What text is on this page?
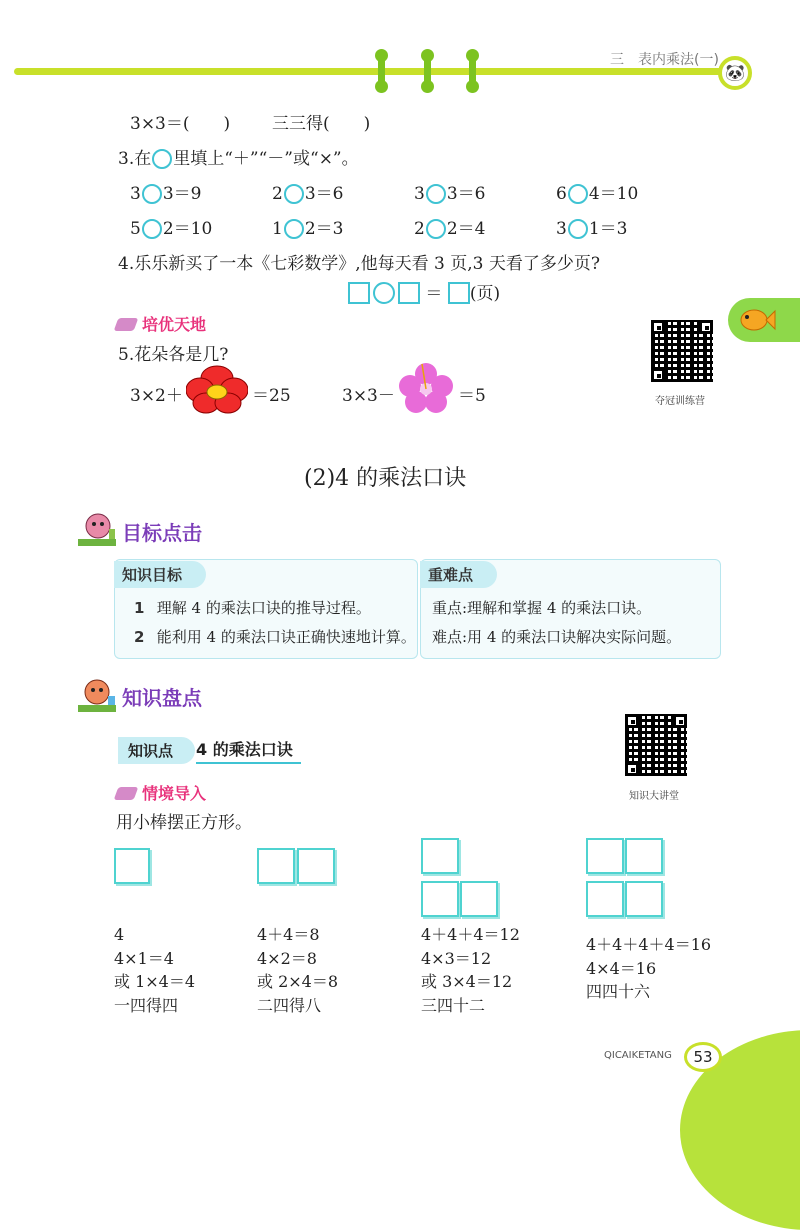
三　表内乘法(一)
🐼
3×3＝(　　) 三三得(　　)
3.在 里填上“＋”“－”或“×”。
3 3＝9	2 3＝6	3 3＝6	6 4＝10
5 2＝10	1 2＝3	2 2＝4	3 1＝3
4.乐乐新买了一本《七彩数学》,他每天看 3 页,3 天看了多少页?
＝ (页)
培优天地
夺冠训练营
5.花朵各是几?
3×2＋	＝25	3×3－	＝5
(2)4 的乘法口诀
目标点击
知识目标	重难点
1 理解 4 的乘法口诀的推导过程。
2 能利用 4 的乘法口诀正确快速地计算。
重点:理解和掌握 4 的乘法口诀。
难点:用 4 的乘法口诀解决实际问题。
知识盘点
知识点	4 的乘法口诀
知识大讲堂
情境导入
用小棒摆正方形。
4
4×1＝4
或 1×4＝4
一四得四
4＋4＝8
4×2＝8
或 2×4＝8
二四得八
4＋4＋4＝12
4×3＝12
或 3×4＝12
三四十二
4＋4＋4＋4＝16
4×4＝16
四四十六
QICAIKETANG	53
